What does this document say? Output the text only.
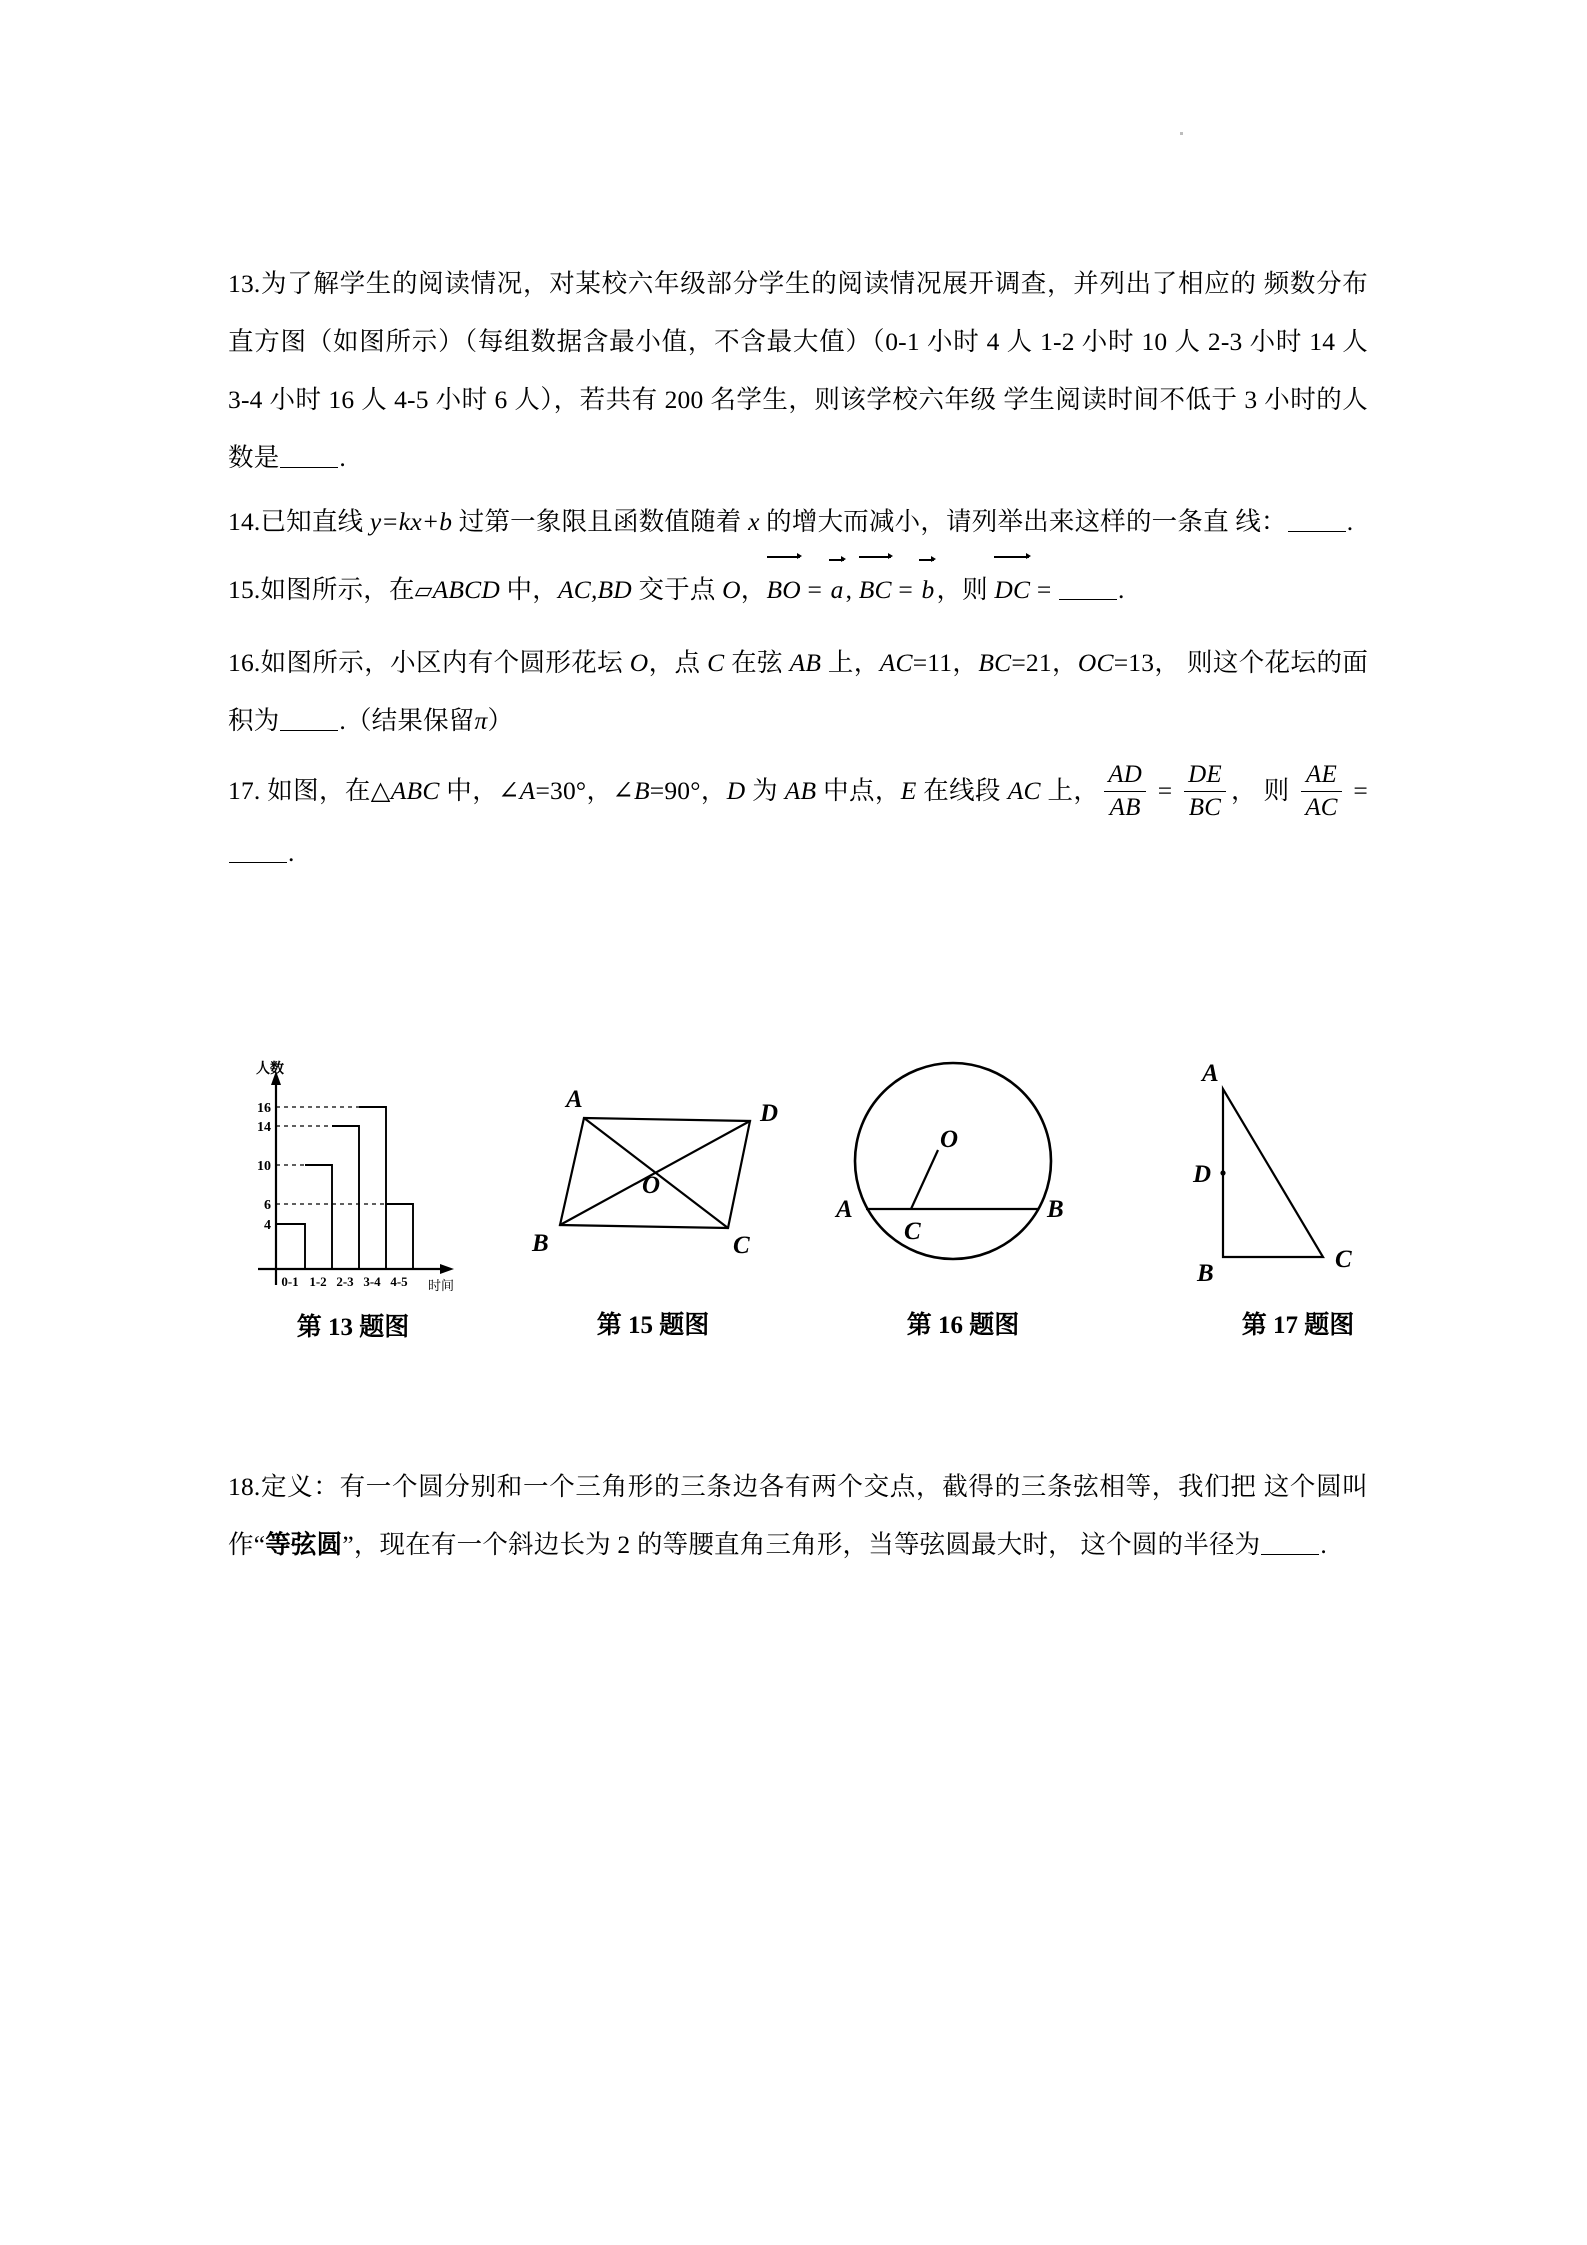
13.为了解学生的阅读情况，对某校六年级部分学生的阅读情况展开调查，并列出了相应的 频数分布直方图（如图所示）（每组数据含最小值，不含最大值）（0-1 小时 4 人 1-2 小时 10 人 2-3 小时 14 人 3-4 小时 16 人 4-5 小时 6 人），若共有 200 名学生，则该学校六年级 学生阅读时间不低于 3 小时的人数是 .
14.已知直线 y=kx+b 过第一象限且函数值随着 x 的增大而减小，请列举出来这样的一条直 线： .
15.如图所示，在▱ABCD 中，AC,BD 交于点 O，BO = a, BC = b，则 DC = .
16.如图所示，小区内有个圆形花坛 O，点 C 在弦 AB 上，AC=11，BC=21，OC=13， 则这个花坛的面积为 .（结果保留π）
17. 如图，在△ABC 中，∠A=30°，∠B=90°，D 为 AB 中点，E 在线段 AC 上， $\frac{AD}{AB} = \frac{DE}{BC}$ ， 则 $\frac{AE}{AC}$ = .
16
14
10
6
4
0-1 1-2 2-3 3-4 4-5
人数
时间
第 13 题图
A
B	C
D
O
第 15 题图
A	B
C
O
第 16 题图
A
B
C
D
第 17 题图
18.定义：有一个圆分别和一个三角形的三条边各有两个交点，截得的三条弦相等，我们把 这个圆叫作“等弦圆”，现在有一个斜边长为 2 的等腰直角三角形，当等弦圆最大时， 这个圆的半径为 .
